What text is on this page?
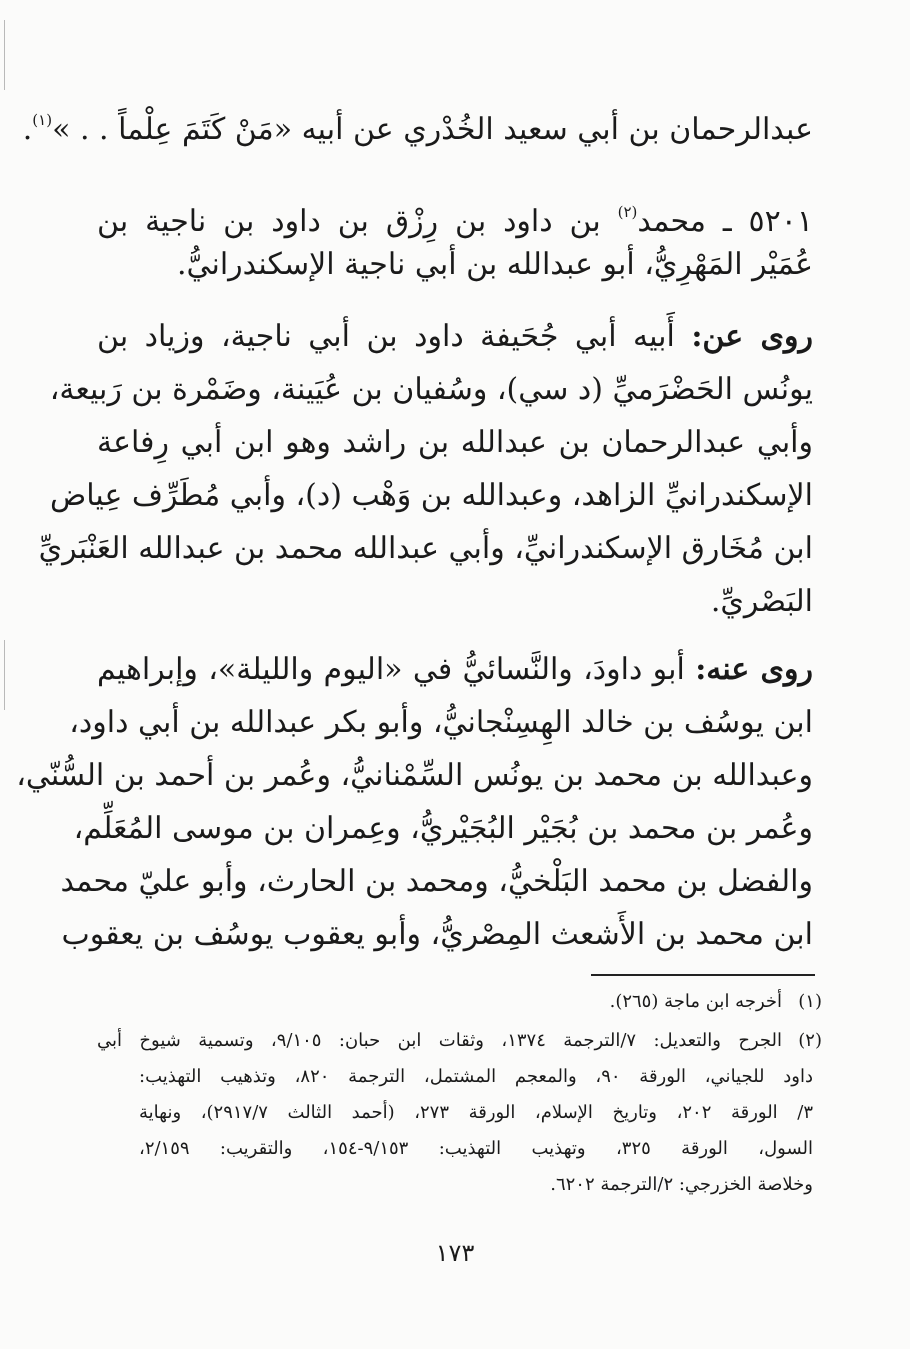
عبدالرحمان بن أبي سعيد الخُدْري عن أبيه «مَنْ كَتَمَ عِلْماً . . »$^{(١)}$.
٥٢٠١ ـ محمد$^{(٢)}$ بن داود بن رِزْق بن داود بن ناجية بن
عُمَيْر المَهْرِيُّ، أبو عبدالله بن أبي ناجية الإسكندرانيُّ.
روى عن: أَبيه أبي جُحَيفة داود بن أبي ناجية، وزياد بن
يونُس الحَضْرَميِّ (د سي)، وسُفيان بن عُيَينة، وضَمْرة بن رَبيعة،
وأبي عبدالرحمان بن عبدالله بن راشد وهو ابن أبي رِفاعة
الإسكندرانيِّ الزاهد، وعبدالله بن وَهْب (د)، وأبي مُطَرِّف عِياض
ابن مُخَارق الإسكندرانيِّ، وأبي عبدالله محمد بن عبدالله العَنْبَريِّ
البَصْريِّ.
روى عنه: أبو داودَ، والنَّسائيُّ في «اليوم والليلة»، وإبراهيم
ابن يوسُف بن خالد الهِسِنْجانيُّ، وأبو بكر عبدالله بن أبي داود،
وعبدالله بن محمد بن يونُس السِّمْنانيُّ، وعُمر بن أحمد بن السُّنّي،
وعُمر بن محمد بن بُجَيْر البُجَيْريُّ، وعِمران بن موسى المُعَلِّم،
والفضل بن محمد البَلْخيُّ، ومحمد بن الحارث، وأبو عليّ محمد
ابن محمد بن الأَشعث المِصْريُّ، وأبو يعقوب يوسُف بن يعقوب
(١)أخرجه ابن ماجة (٢٦٥).
(٢)الجرح والتعديل: ٧/الترجمة ١٣٧٤، وثقات ابن حبان: ٩/١٠٥، وتسمية شيوخ أبي
داود للجياني، الورقة ٩٠، والمعجم المشتمل، الترجمة ٨٢٠، وتذهيب التهذيب:
٣/ الورقة ٢٠٢، وتاريخ الإسلام، الورقة ٢٧٣، (أحمد الثالث ٢٩١٧/٧)، ونهاية
السول، الورقة ٣٢٥، وتهذيب التهذيب: ٩/١٥٣-١٥٤، والتقريب: ٢/١٥٩،
وخلاصة الخزرجي: ٢/الترجمة ٦٢٠٢.
١٧٣
